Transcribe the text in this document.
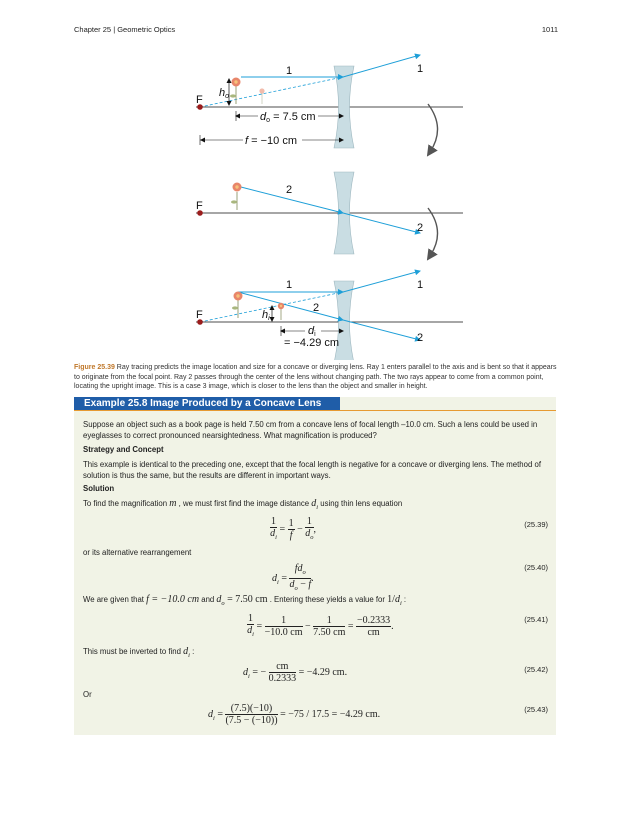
Chapter 25 | Geometric Optics	1011
1	1
2
2
1	1
2
2
F
F
F
ho
do = 7.5 cm
f = −10 cm
hi
di
= −4.29 cm
Figure 25.39 Ray tracing predicts the image location and size for a concave or diverging lens. Ray 1 enters parallel to the axis and is bent so that it appears to originate from the focal point. Ray 2 passes through the center of the lens without changing path. The two rays appear to come from a common point, locating the upright image. This is a case 3 image, which is closer to the lens than the object and smaller in height.
Example 25.8 Image Produced by a Concave Lens
Suppose an object such as a book page is held 7.50 cm from a concave lens of focal length –10.0 cm. Such a lens could be used in eyeglasses to correct pronounced nearsightedness. What magnification is produced?
Strategy and Concept
This example is identical to the preceding one, except that the focal length is negative for a concave or diverging lens. The method of solution is thus the same, but the results are different in important ways.
Solution
To find the magnification m , we must first find the image distance $d_i$ using thin lens equation
$\frac{1}{d_i} = \frac{1}{f} - \frac{1}{d_o}$ ,	(25.39)
or its alternative rearrangement
$d_i = \frac{fd_o}{d_o - f}$ .
(25.40)
We are given that f = −10.0 cm and $d_o = 7.50$ cm . Entering these yields a value for $1/d_i$ :
$\frac{1}{d_i} = \frac{1}{-10.0 cm} - \frac{1}{7.50 cm} = \frac{-0.2333}{cm}$ .
(25.41)
This must be inverted to find $d_i$ :
$d_i$ = − $\frac{cm}{0.2333} = -4.29$ cm.	(25.42)
Or
$d_i = \frac{(7.5)(-10)}{(7.5 - (-10))} = -75 / 17.5 = -4.29$ cm.	(25.43)
